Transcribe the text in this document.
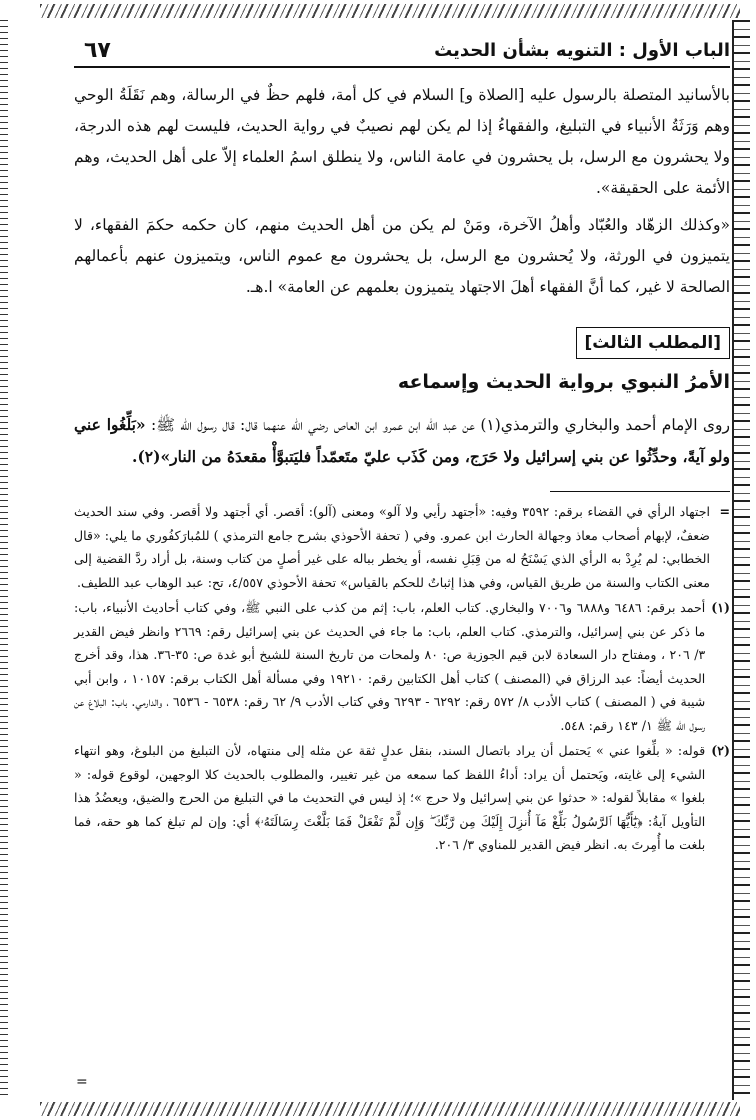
الباب الأول : التنويه بشأن الحديث
٦٧

بالأسانيد المتصلة بالرسول عليه [الصلاة و] السلام في كل أمة، فلهم حظٌ في الرسالة، وهم نَقَلَةُ الوحي وهم وَرَثَةُ الأنبياء في التبليغ، والفقهاءُ إذا لم يكن لهم نصيبٌ في رواية الحديث، فليست لهم هذه الدرجة، ولا يحشرون مع الرسل، بل يحشرون في عامة الناس، ولا ينطلق اسمُ العلماء إلاّ على أهل الحديث، وهم الأئمة على الحقيقة».

«وكذلك الزهّاد والعُبّاد وأهلُ الآخرة، ومَنْ لم يكن من أهل الحديث منهم، كان حكمه حكمَ الفقهاء، لا يتميزون في الورثة، ولا يُحشرون مع الرسل، بل يحشرون مع عموم الناس، ويتميزون عنهم بأعمالهم الصالحة لا غير، كما أنَّ الفقهاء أهلَ الاجتهاد يتميزون بعلمهم عن العامة» ا.هـ.

[المطلب الثالث]
الأمرُ النبوي برواية الحديث وإسماعه

روى الإمام أحمد والبخاري والترمذي(١) عن عبد الله ابن عمرو ابن العاص رضي الله عنهما قال: قال رسول الله ﷺ: «بَلِّغُوا عني ولو آيةً، وحدِّثُوا عن بني إسرائيل ولا حَرَج، ومن كَذَب عليّ متَعمّداً فليَتبوَّأْ مقعدَهُ من النار»(٢).

=
اجتهاد الرأي في القضاء برقم: ٣٥٩٢ وفيه: «أجتهد رأيي ولا آلو» ومعنى (آلو): أقصر. أي أجتهد ولا أقصر. وفي سند الحديث ضعفٌ، لإبهام أصحاب معاذ وجهالة الحارث ابن عمرو. وفي ( تحفة الأحوذي بشرح جامع الترمذي ) للمُبارَكفُوري ما يلي: «قال الخطابي: لم يُرِدْ به الرأي الذي يَسْنَحُ له من قِبَلِ نفسه، أو يخطر بباله على غير أصلٍ من كتاب وسنة، بل أراد ردَّ القضية إلى معنى الكتاب والسنة من طريق القياس، وفي هذا إثباتٌ للحكم بالقياس» تحفة الأحوذي ٤/٥٥٧، تح: عبد الوهاب عبد اللطيف.
(١)
أحمد برقم: ٦٤٨٦ و٦٨٨٨ و٧٠٠٦ والبخاري. كتاب العلم، باب: إثم من كذب على النبي ﷺ، وفي كتاب أحاديث الأنبياء، باب: ما ذكر عن بني إسرائيل، والترمذي. كتاب العلم، باب: ما جاء في الحديث عن بني إسرائيل رقم: ٢٦٦٩ وانظر فيض القدير ٣/ ٢٠٦ ، ومفتاح دار السعادة لابن قيم الجوزية ص: ٨٠ ولمحات من تاريخ السنة للشيخ أبو غدة ص: ٣٥-٣٦. هذا، وقد أخرج الحديث أيضاً: عبد الرزاق في (المصنف ) كتاب أهل الكتابين رقم: ١٩٢١٠ وفي مسألة أهل الكتاب برقم: ١٠١٥٧ ، وابن أبي شيبة في ( المصنف ) كتاب الأدب ٨/ ٥٧٢ رقم: ٦٢٩٢ - ٦٢٩٣ وفي كتاب الأدب ٩/ ٦٢ رقم: ٦٥٣٨ - ٦٥٣٦ ، والدارمي. باب: البلاغ عن رسول الله ﷺ ١/ ١٤٣ رقم: ٥٤٨.
(٢)
قوله: « بلِّغوا عني » يَحتمل أن يراد باتصال السند، بنقل عدلٍ ثقة عن مثله إلى منتهاه، لأن التبليغ من البلوغ، وهو انتهاء الشيء إلى غايته، ويَحتمل أن يراد: أداءُ اللفظ كما سمعه من غير تغيير، والمطلوب بالحديث كلا الوجهين، لوقوع قوله: « بلغوا » مقابلاً لقوله: « حدثوا عن بني إسرائيل ولا حرج »؛ إذ ليس في التحديث ما في التبليغ من الحرج والضيق، ويعضُدُ هذا التأويل آيةُ: ﴿يَٰٓأَيُّهَا ٱلرَّسُولُ بَلِّغْ مَآ أُنزِلَ إِلَيْكَ مِن رَّبِّكَ ۖ وَإِن لَّمْ تَفْعَلْ فَمَا بَلَّغْتَ رِسَالَتَهُۥ﴾ أي: وإن لم تبلغ كما هو حقه، فما بلغت ما أُمِرتَ به. انظر فيض القدير للمناوي ٣/ ٢٠٦.
=
